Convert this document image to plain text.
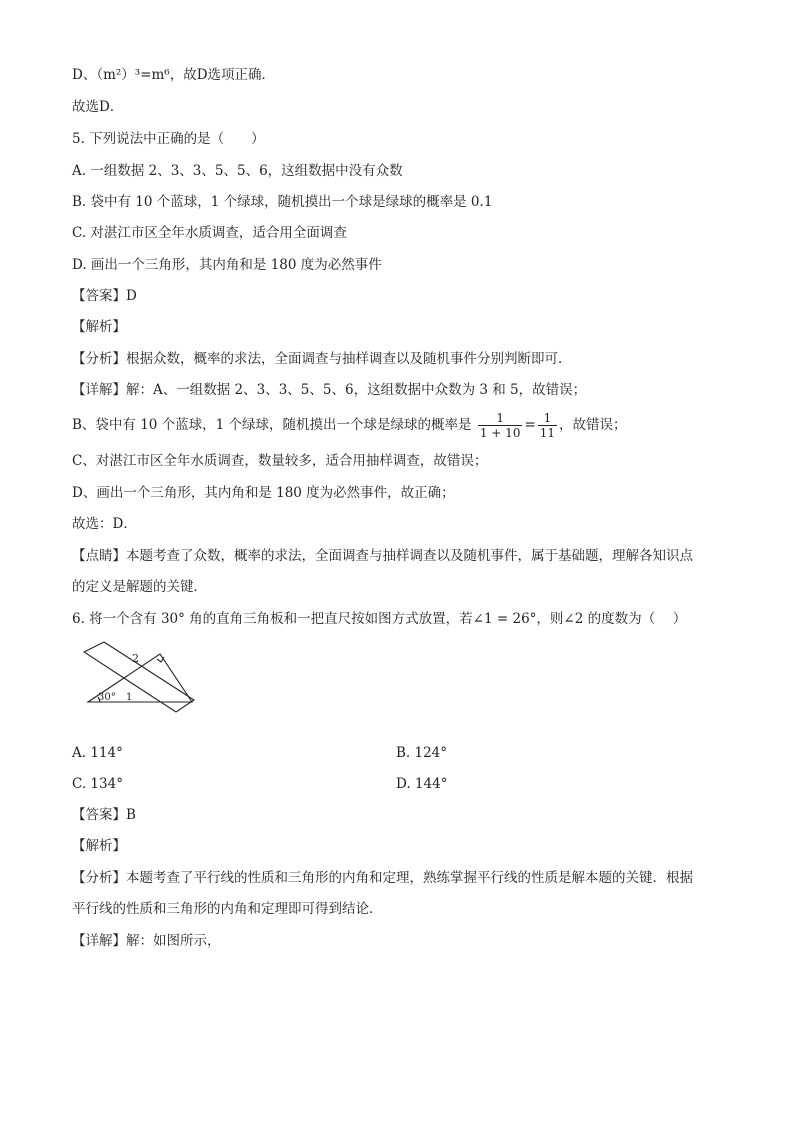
D、（m²）³=m⁶，故D选项正确．
故选D．
5. 下列说法中正确的是（　　）
A. 一组数据 2、3、3、5、5、6，这组数据中没有众数
B. 袋中有 10 个蓝球，1 个绿球，随机摸出一个球是绿球的概率是 0.1
C. 对湛江市区全年水质调查，适合用全面调查
D. 画出一个三角形，其内角和是 180 度为必然事件
【答案】D
【解析】
【分析】根据众数，概率的求法，全面调查与抽样调查以及随机事件分别判断即可．
【详解】解：A、一组数据 2、3、3、5、5、6，这组数据中众数为 3 和 5，故错误；
B、袋中有 10 个蓝球，1 个绿球，随机摸出一个球是绿球的概率是 $\frac{1}{1 + 10} = \frac{1}{11}$ ，故错误；
C、对湛江市区全年水质调查，数量较多，适合用抽样调查，故错误；
D、画出一个三角形，其内角和是 180 度为必然事件，故正确；
故选：D．
【点睛】本题考查了众数，概率的求法，全面调查与抽样调查以及随机事件，属于基础题，理解各知识点
的定义是解题的关键．
6. 将一个含有 30° 角的直角三角板和一把直尺按如图方式放置，若∠1 = 26°，则∠2 的度数为（　 ）
2
30° 1
A. 114°	B. 124°
C. 134°	D. 144°
【答案】B
【解析】
【分析】本题考查了平行线的性质和三角形的内角和定理，熟练掌握平行线的性质是解本题的关键．根据
平行线的性质和三角形的内角和定理即可得到结论．
【详解】解：如图所示，
